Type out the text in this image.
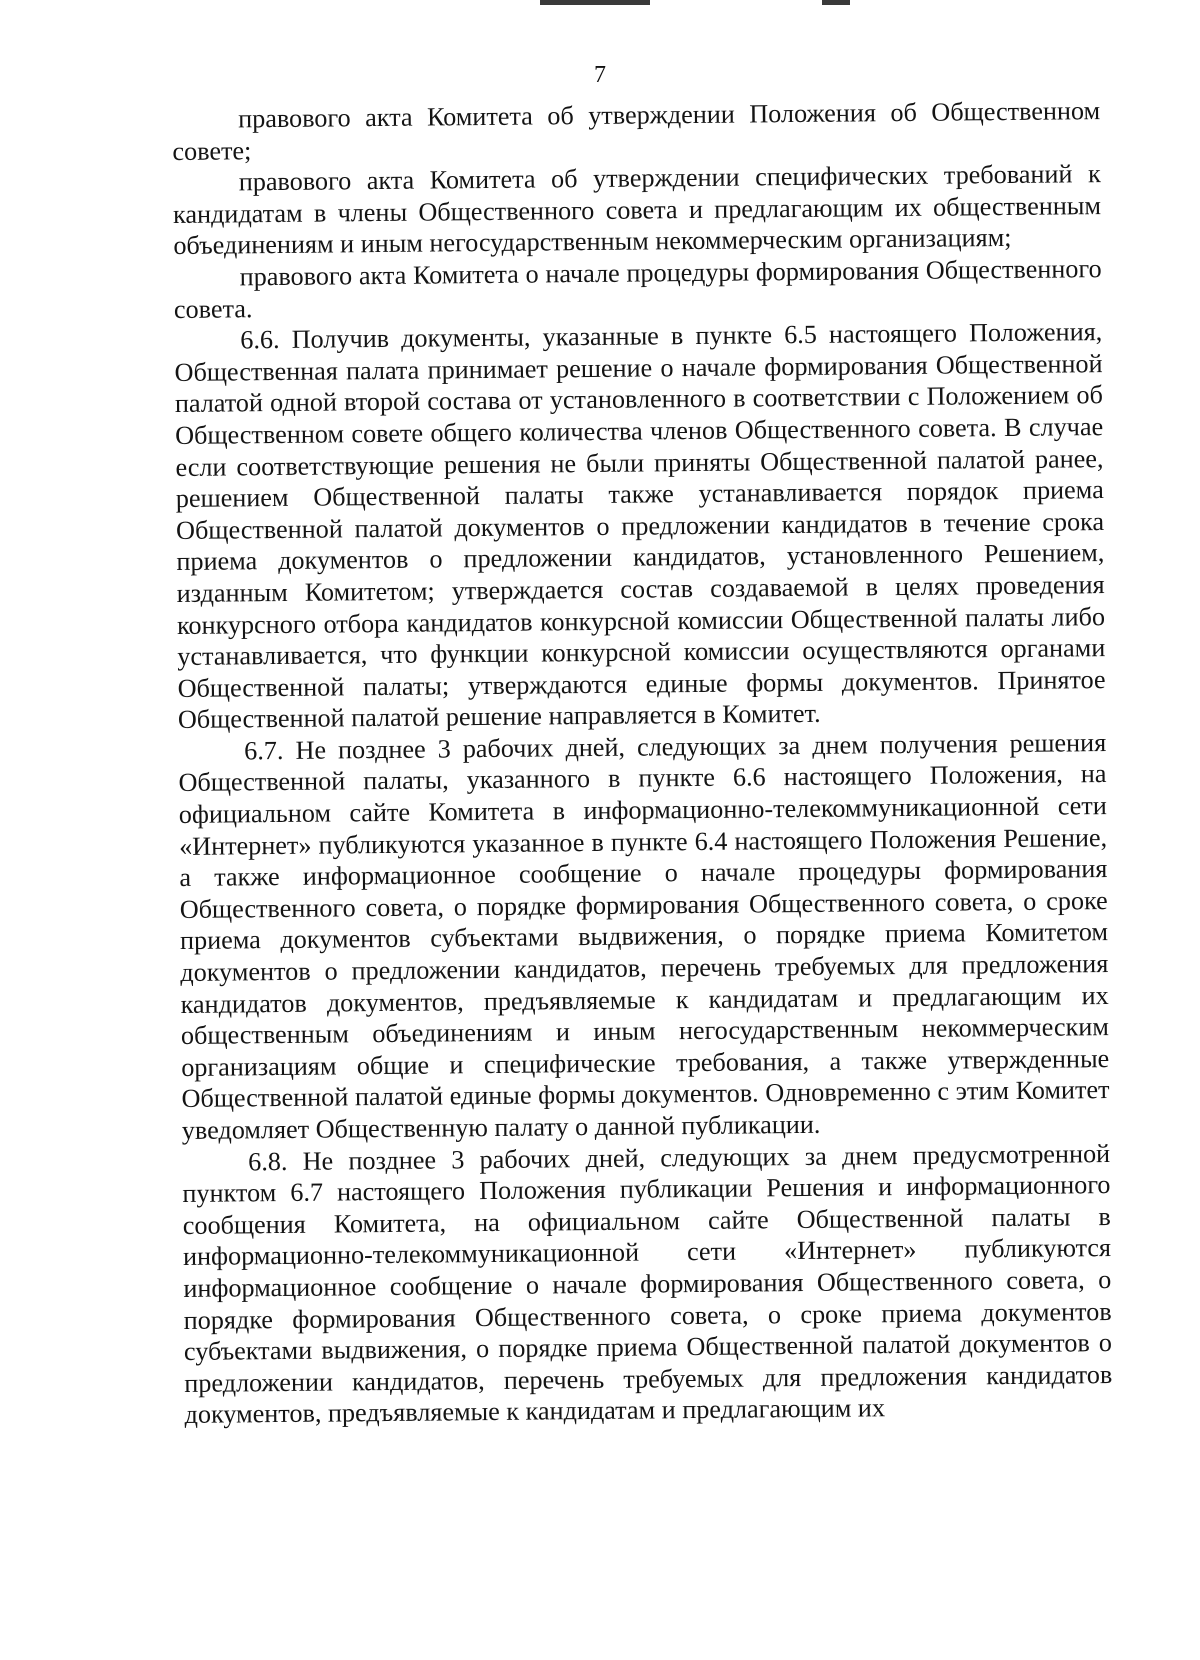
7

правового акта Комитета об утверждении Положения об Общественном совете;

правового акта Комитета об утверждении специфических требований к кандидатам в члены Общественного совета и предлагающим их общественным объединениям и иным негосударственным некоммерческим организациям;

правового акта Комитета о начале процедуры формирования Общественного совета.

6.6. Получив документы, указанные в пункте 6.5 настоящего Положения, Общественная палата принимает решение о начале формирования Общественной палатой одной второй состава от установленного в соответствии с Положением об Общественном совете общего количества членов Общественного совета. В случае если соответствующие решения не были приняты Общественной палатой ранее, решением Общественной палаты также устанавливается порядок приема Общественной палатой документов о предложении кандидатов в течение срока приема документов о предложении кандидатов, установленного Решением, изданным Комитетом; утверждается состав создаваемой в целях проведения конкурсного отбора кандидатов конкурсной комиссии Общественной палаты либо устанавливается, что функции конкурсной комиссии осуществляются органами Общественной палаты; утверждаются единые формы документов. Принятое Общественной палатой решение направляется в Комитет.

6.7. Не позднее 3 рабочих дней, следующих за днем получения решения Общественной палаты, указанного в пункте 6.6 настоящего Положения, на официальном сайте Комитета в информационно-телекоммуникационной сети «Интернет» публикуются указанное в пункте 6.4 настоящего Положения Решение, а также информационное сообщение о начале процедуры формирования Общественного совета, о порядке формирования Общественного совета, о сроке приема документов субъектами выдвижения, о порядке приема Комитетом документов о предложении кандидатов, перечень требуемых для предложения кандидатов документов, предъявляемые к кандидатам и предлагающим их общественным объединениям и иным негосударственным некоммерческим организациям общие и специфические требования, а также утвержденные Общественной палатой единые формы документов. Одновременно с этим Комитет уведомляет Общественную палату о данной публикации.

6.8. Не позднее 3 рабочих дней, следующих за днем предусмотренной пунктом 6.7 настоящего Положения публикации Решения и информационного сообщения Комитета, на официальном сайте Общественной палаты в информационно-телекоммуникационной сети «Интернет» публикуются информационное сообщение о начале формирования Общественного совета, о порядке формирования Общественного совета, о сроке приема документов субъектами выдвижения, о порядке приема Общественной палатой документов о предложении кандидатов, перечень требуемых для предложения кандидатов документов, предъявляемые к кандидатам и предлагающим их
